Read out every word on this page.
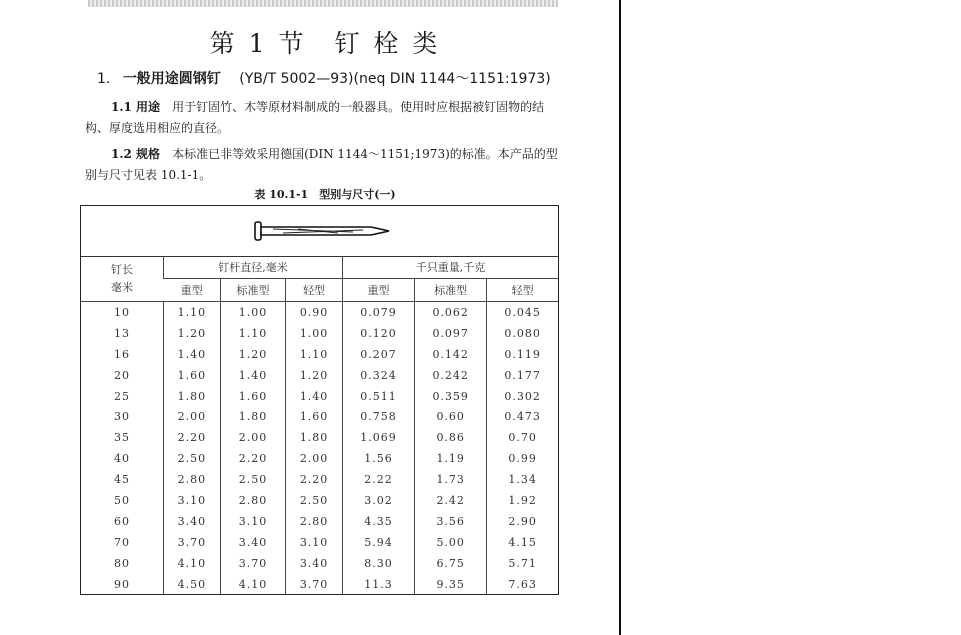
第 1 节　钉 栓 类
1. 一般用途圆钢钉 (YB/T 5002—93)(neq DIN 1144～1151:1973)
1.1 用途 用于钉固竹、木等原材料制成的一般器具。使用时应根据被钉固物的结构、厚度选用相应的直径。
1.2 规格 本标准已非等效采用德国(DIN 1144～1151;1973)的标准。本产品的型别与尺寸见表 10.1-1。
表 10.1-1　型别与尺寸(一)
钉长
毫米	钉杆直径,毫米			千只重量,千克		
	重型	标准型	轻型	重型	标准型	轻型
10	1.10	1.00	0.90	0.079	0.062	0.045
13	1.20	1.10	1.00	0.120	0.097	0.080
16	1.40	1.20	1.10	0.207	0.142	0.119
20	1.60	1.40	1.20	0.324	0.242	0.177
25	1.80	1.60	1.40	0.511	0.359	0.302
30	2.00	1.80	1.60	0.758	0.60	0.473
35	2.20	2.00	1.80	1.069	0.86	0.70
40	2.50	2.20	2.00	1.56	1.19	0.99
45	2.80	2.50	2.20	2.22	1.73	1.34
50	3.10	2.80	2.50	3.02	2.42	1.92
60	3.40	3.10	2.80	4.35	3.56	2.90
70	3.70	3.40	3.10	5.94	5.00	4.15
80	4.10	3.70	3.40	8.30	6.75	5.71
90	4.50	4.10	3.70	11.3	9.35	7.63
